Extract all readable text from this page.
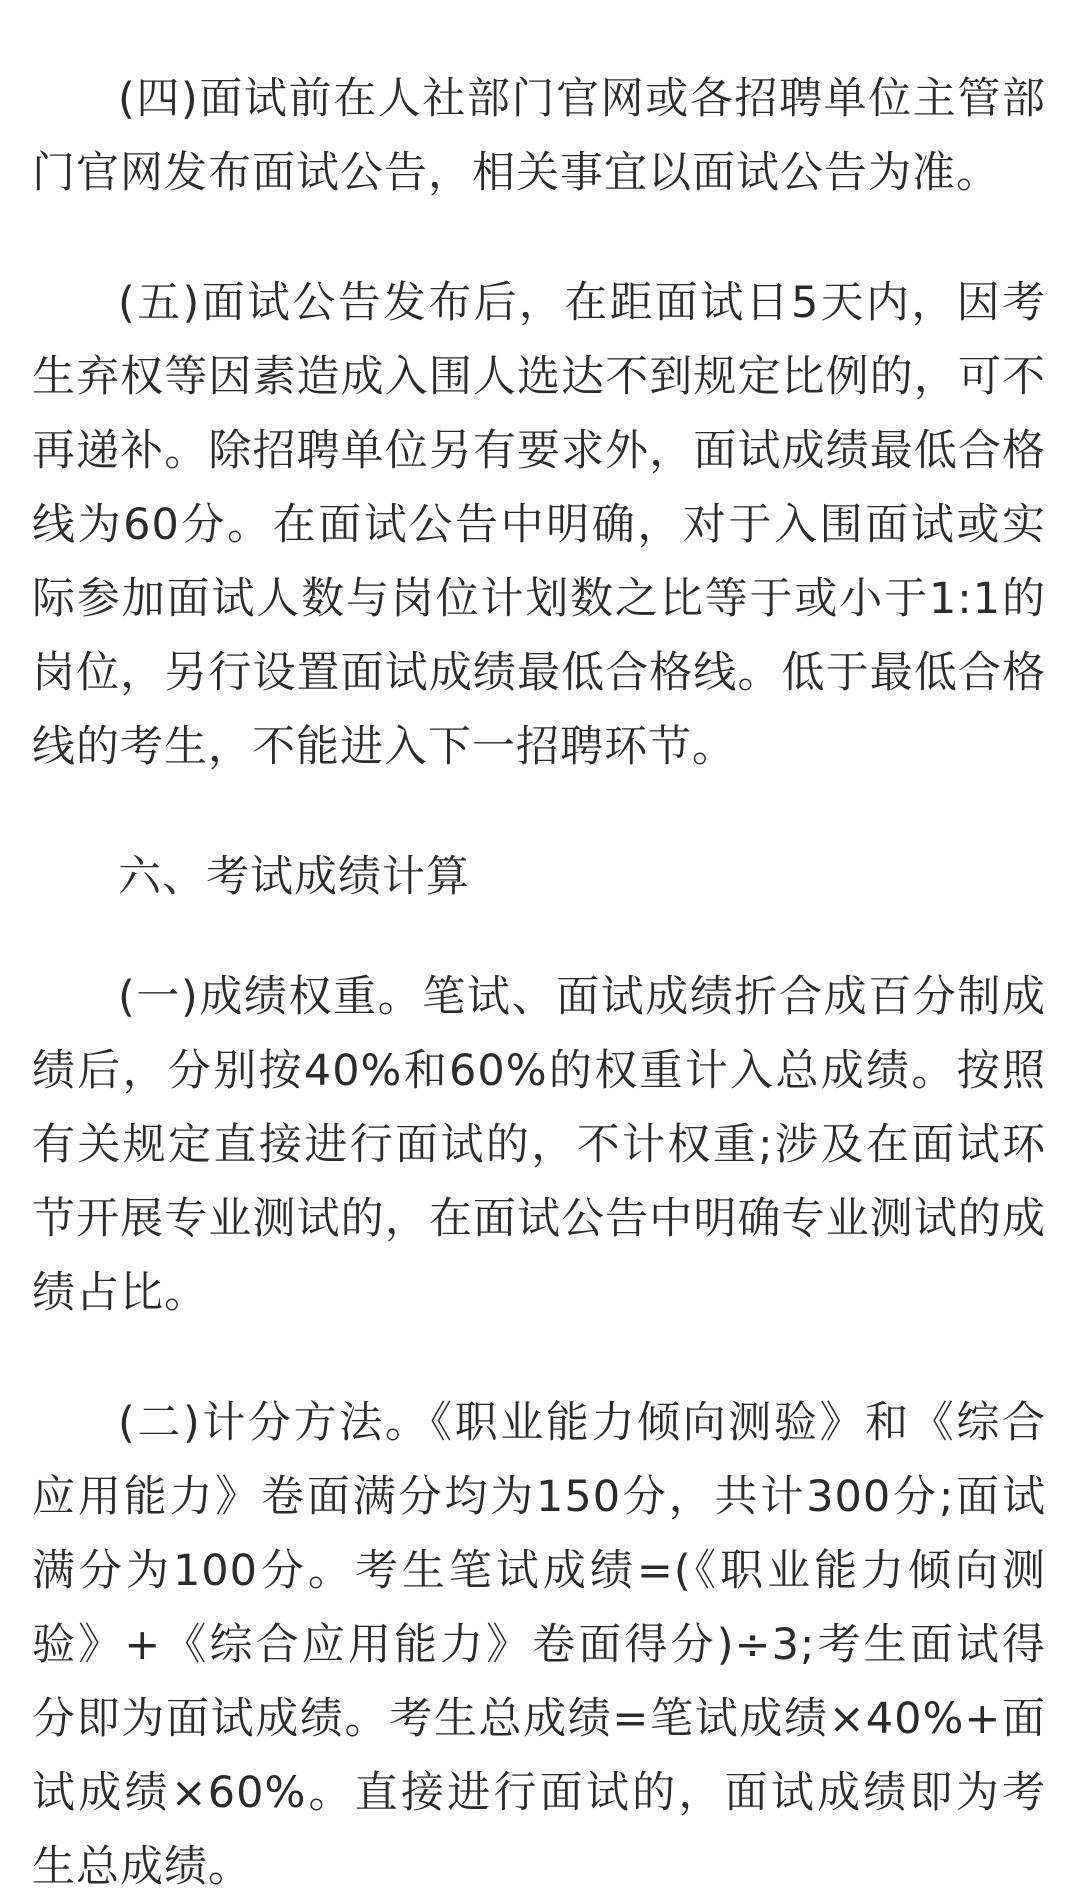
(四)面试前在人社部门官网或各招聘单位主管部门官网发布面试公告，相关事宜以面试公告为准。

(五)面试公告发布后，在距面试日5天内，因考生弃权等因素造成入围人选达不到规定比例的，可不再递补。除招聘单位另有要求外，面试成绩最低合格线为60分。在面试公告中明确，对于入围面试或实际参加面试人数与岗位计划数之比等于或小于1:1的岗位，另行设置面试成绩最低合格线。低于最低合格线的考生，不能进入下一招聘环节。

六、考试成绩计算

(一)成绩权重。笔试、面试成绩折合成百分制成绩后，分别按40%和60%的权重计入总成绩。按照有关规定直接进行面试的，不计权重;涉及在面试环节开展专业测试的，在面试公告中明确专业测试的成绩占比。

(二)计分方法。《职业能力倾向测验》和《综合应用能力》卷面满分均为150分，共计300分;面试满分为100分。考生笔试成绩=(《职业能力倾向测验》+《综合应用能力》卷面得分)÷3;考生面试得分即为面试成绩。考生总成绩=笔试成绩×40%+面试成绩×60%。直接进行面试的，面试成绩即为考生总成绩。
